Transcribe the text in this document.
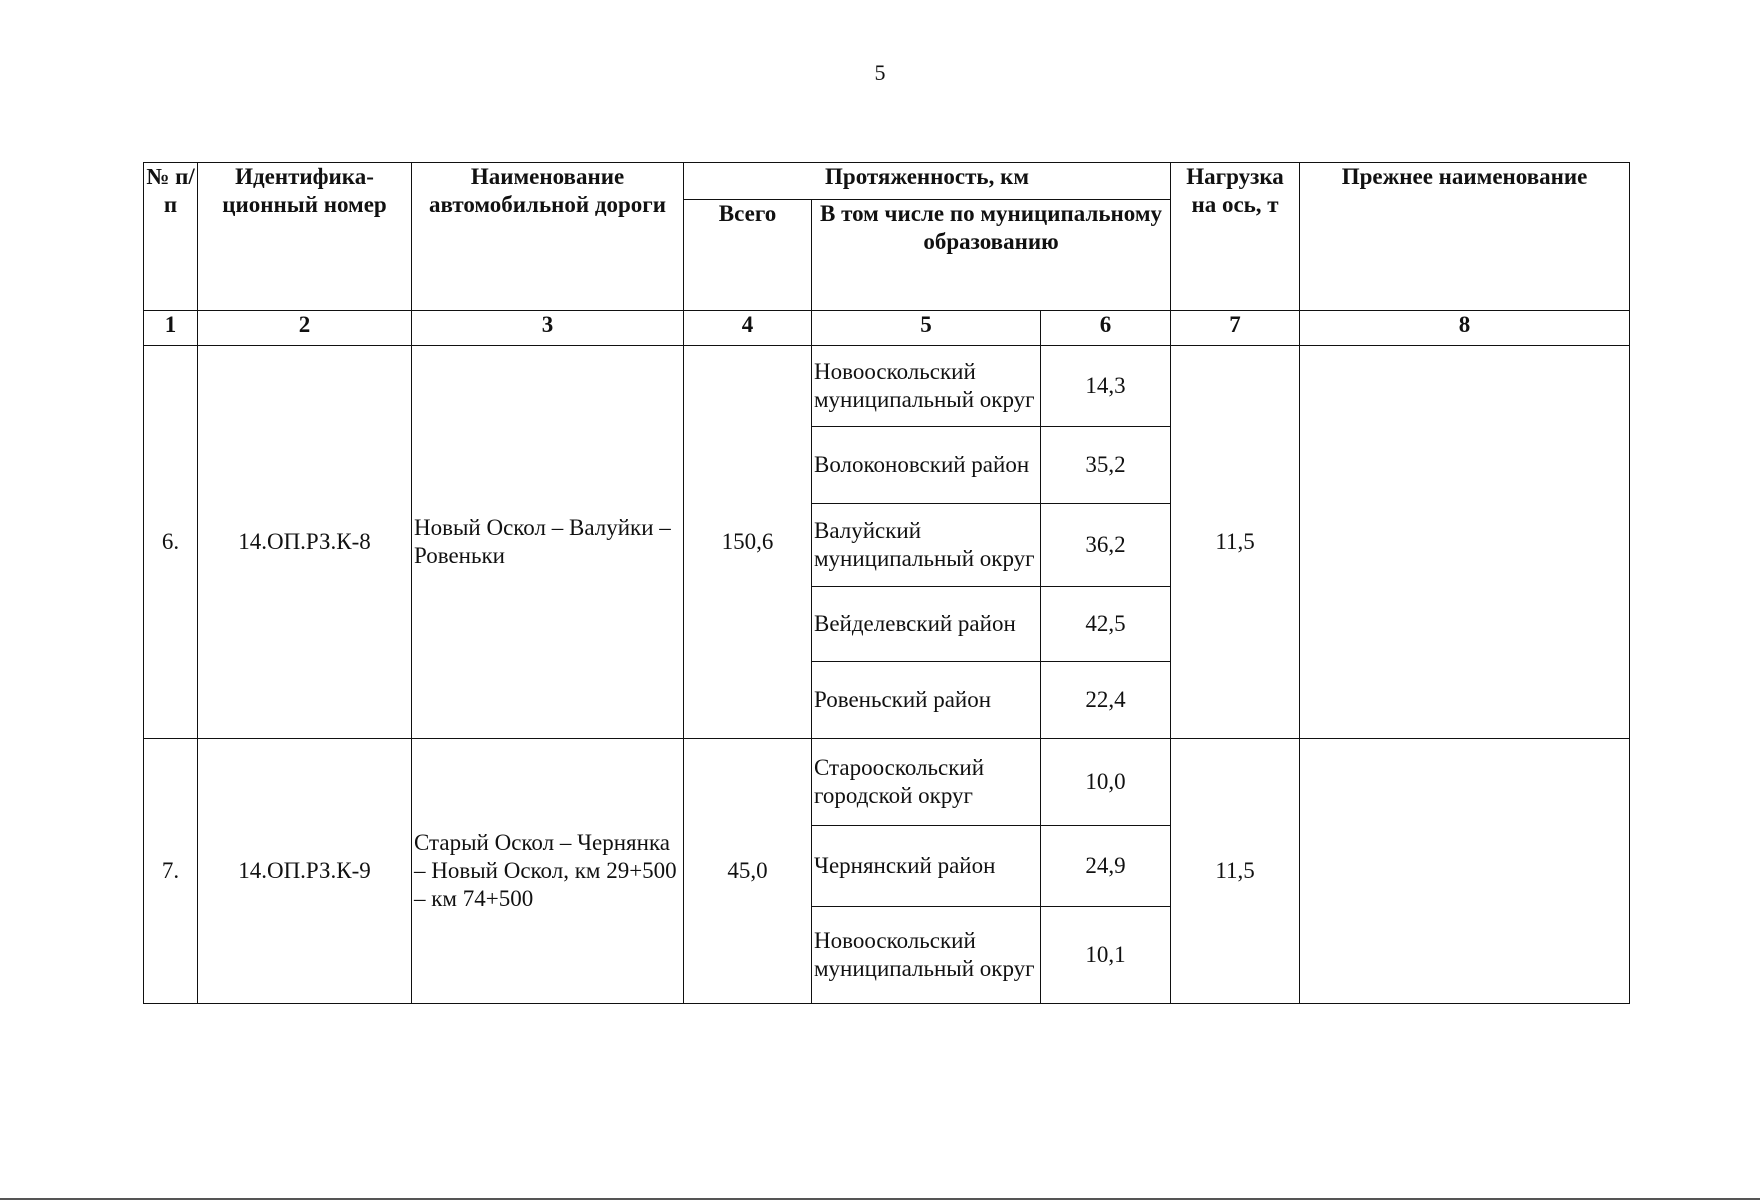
5
№ п/п	Идентифика-ционный номер	Наименование автомобильной дороги	Протяженность, км			Нагрузка на ось, т	Прежнее наименование
			Всего	В том числе по муниципальному образованию			
1	2	3	4	5	6	7	8
6.	14.ОП.РЗ.К-8	Новый Оскол – Валуйки – Ровеньки	150,6	Новооскольский муниципальный округ	14,3	11,5	
				Волоконовский район	35,2		
				Валуйский муниципальный округ	36,2		
				Вейделевский район	42,5		
				Ровеньский район	22,4		
7.	14.ОП.РЗ.К-9	Старый Оскол – Чернянка – Новый Оскол, км 29+500 – км 74+500	45,0	Старооскольский городской округ	10,0	11,5	
				Чернянский район	24,9		
				Новооскольский муниципальный округ	10,1		
